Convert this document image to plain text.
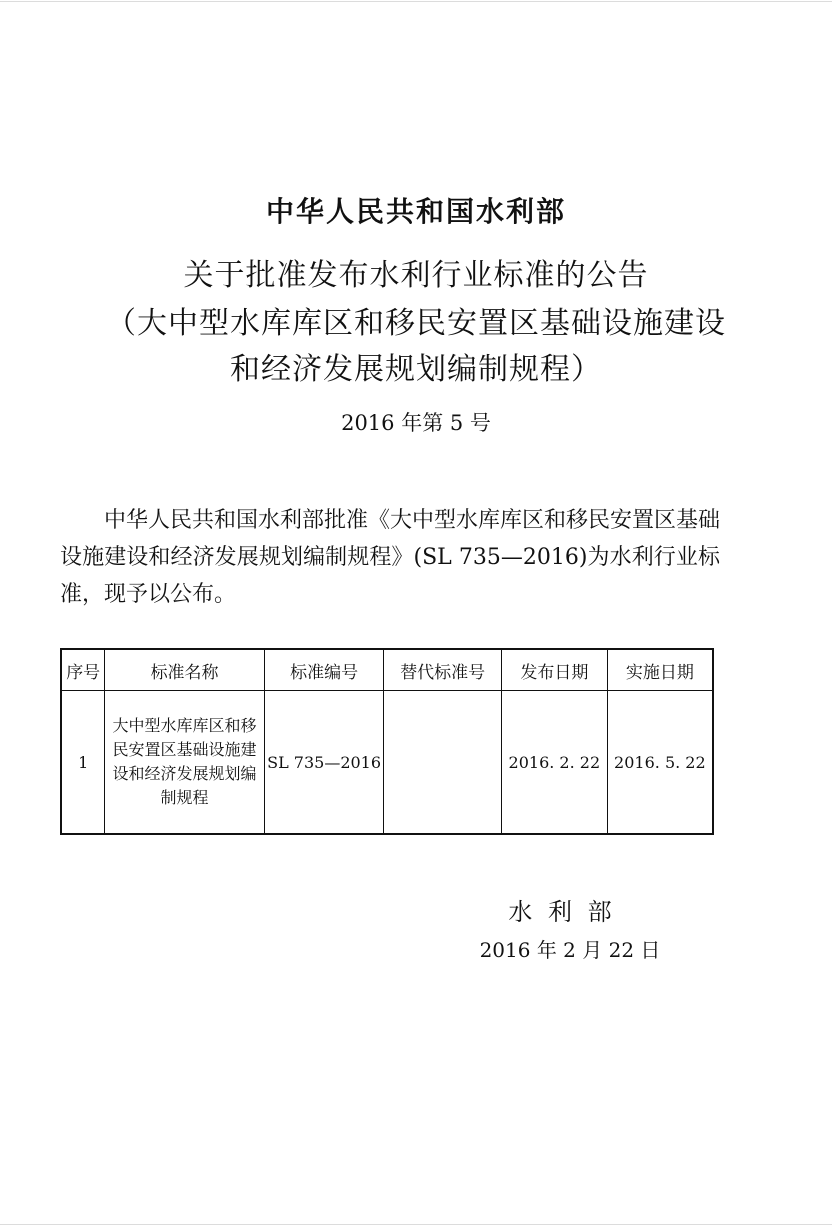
中华人民共和国水利部
关于批准发布水利行业标准的公告
（大中型水库库区和移民安置区基础设施建设
和经济发展规划编制规程）
2016 年第 5 号

中华人民共和国水利部批准《大中型水库库区和移民安置区基础设施建设和经济发展规划编制规程》(SL 735—2016)为水利行业标准，现予以公布。

序号	标准名称	标准编号	替代标准号	发布日期	实施日期
1	大中型水库库区和移民安置区基础设施建设和经济发展规划编制规程	SL 735—2016		2016. 2. 22	2016. 5. 22
水 利 部
2016 年 2 月 22 日
